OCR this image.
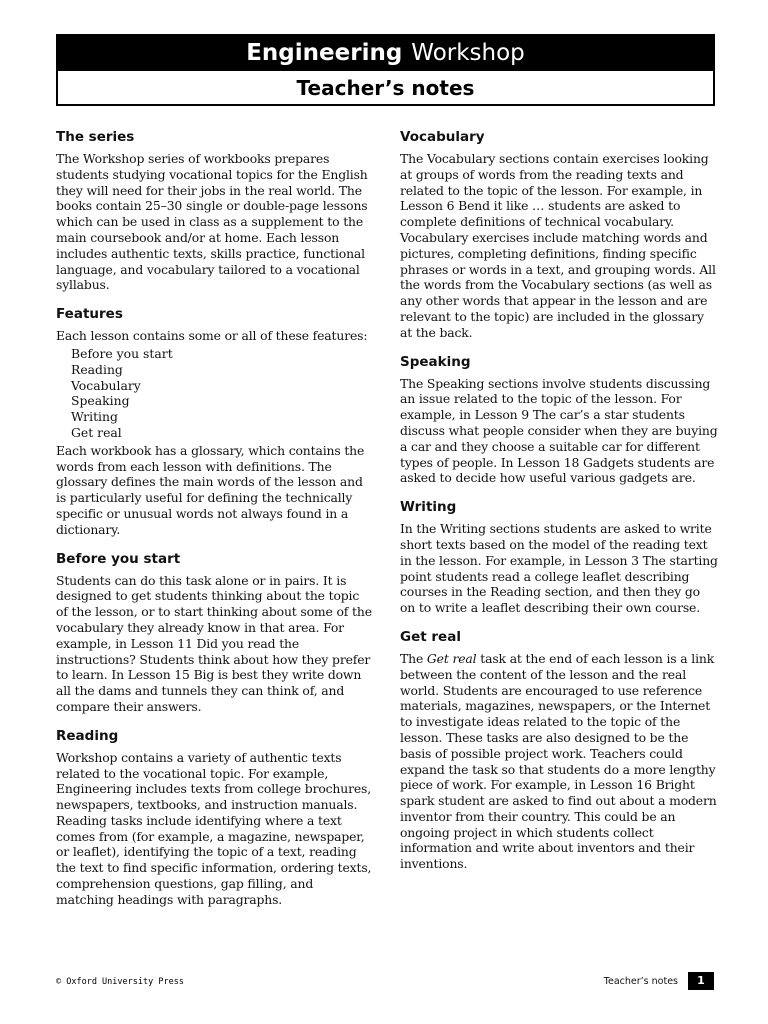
Engineering Workshop
Teacher’s notes
The series

The Workshop series of workbooks prepares students studying vocational topics for the English they will need for their jobs in the real world. The books contain 25–30 single or double-page lessons which can be used in class as a supplement to the main coursebook and/or at home. Each lesson includes authentic texts, skills practice, functional language, and vocabulary tailored to a vocational syllabus.

Features

Each lesson contains some or all of these features:

Before you start
Reading
Vocabulary
Speaking
Writing
Get real

Each workbook has a glossary, which contains the words from each lesson with definitions. The glossary defines the main words of the lesson and is particularly useful for defining the technically specific or unusual words not always found in a dictionary.

Before you start

Students can do this task alone or in pairs. It is designed to get students thinking about the topic of the lesson, or to start thinking about some of the vocabulary they already know in that area. For example, in Lesson 11 Did you read the instructions? Students think about how they prefer to learn. In Lesson 15 Big is best they write down all the dams and tunnels they can think of, and compare their answers.

Reading

Workshop contains a variety of authentic texts related to the vocational topic. For example, Engineering includes texts from college brochures, newspapers, textbooks, and instruction manuals. Reading tasks include identifying where a text comes from (for example, a magazine, newspaper, or leaflet), identifying the topic of a text, reading the text to find specific information, ordering texts, comprehension questions, gap filling, and matching headings with paragraphs.

Vocabulary

The Vocabulary sections contain exercises looking at groups of words from the reading texts and related to the topic of the lesson. For example, in Lesson 6 Bend it like … students are asked to complete definitions of technical vocabulary. Vocabulary exercises include matching words and pictures, completing definitions, finding specific phrases or words in a text, and grouping words. All the words from the Vocabulary sections (as well as any other words that appear in the lesson and are relevant to the topic) are included in the glossary at the back.

Speaking

The Speaking sections involve students discussing an issue related to the topic of the lesson. For example, in Lesson 9 The car’s a star students discuss what people consider when they are buying a car and they choose a suitable car for different types of people. In Lesson 18 Gadgets students are asked to decide how useful various gadgets are.

Writing

In the Writing sections students are asked to write short texts based on the model of the reading text in the lesson. For example, in Lesson 3 The starting point students read a college leaflet describing courses in the Reading section, and then they go on to write a leaflet describing their own course.

Get real

The Get real task at the end of each lesson is a link between the content of the lesson and the real world. Students are encouraged to use reference materials, magazines, newspapers, or the Internet to investigate ideas related to the topic of the lesson. These tasks are also designed to be the basis of possible project work. Teachers could expand the task so that students do a more lengthy piece of work. For example, in Lesson 16 Bright spark student are asked to find out about a modern inventor from their country. This could be an ongoing project in which students collect information and write about inventors and their inventions.

© Oxford University Press	Teacher’s notes	1
